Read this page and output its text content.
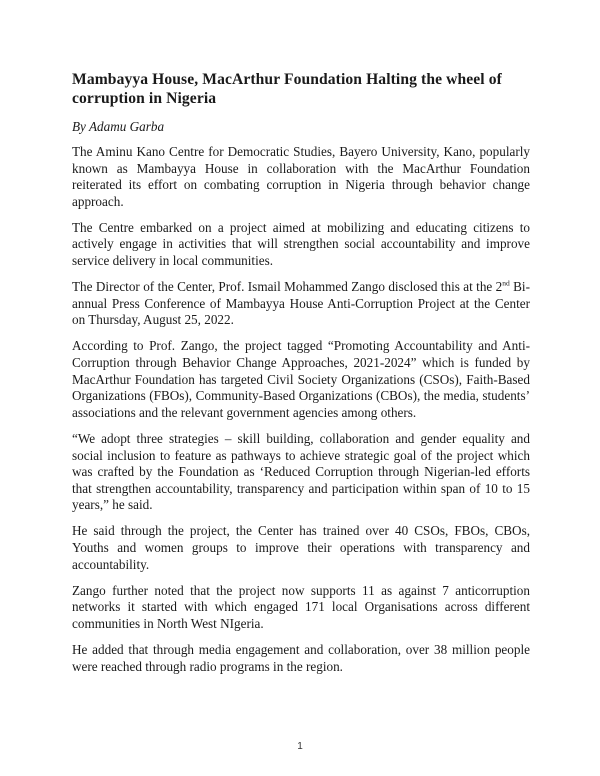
Mambayya House, MacArthur Foundation Halting the wheel of corruption in Nigeria

By Adamu Garba

The Aminu Kano Centre for Democratic Studies, Bayero University, Kano, popularly known as Mambayya House in collaboration with the MacArthur Foundation reiterated its effort on combating corruption in Nigeria through behavior change approach.

The Centre embarked on a project aimed at mobilizing and educating citizens to actively engage in activities that will strengthen social accountability and improve service delivery in local communities.

The Director of the Center, Prof. Ismail Mohammed Zango disclosed this at the 2nd Bi-annual Press Conference of Mambayya House Anti-Corruption Project at the Center on Thursday, August 25, 2022.

According to Prof. Zango, the project tagged “Promoting Accountability and Anti-Corruption through Behavior Change Approaches, 2021-2024” which is funded by MacArthur Foundation has targeted Civil Society Organizations (CSOs), Faith-Based Organizations (FBOs), Community-Based Organizations (CBOs), the media, students’ associations and the relevant government agencies among others.

“We adopt three strategies – skill building, collaboration and gender equality and social inclusion to feature as pathways to achieve strategic goal of the project which was crafted by the Foundation as ‘Reduced Corruption through Nigerian-led efforts that strengthen accountability, transparency and participation within span of 10 to 15 years,” he said.

He said through the project, the Center has trained over 40 CSOs, FBOs, CBOs, Youths and women groups to improve their operations with transparency and accountability.

Zango further noted that the project now supports 11 as against 7 anticorruption networks it started with which engaged 171 local Organisations across different communities in North West NIgeria.

He added that through media engagement and collaboration, over 38 million people were reached through radio programs in the region.

1
